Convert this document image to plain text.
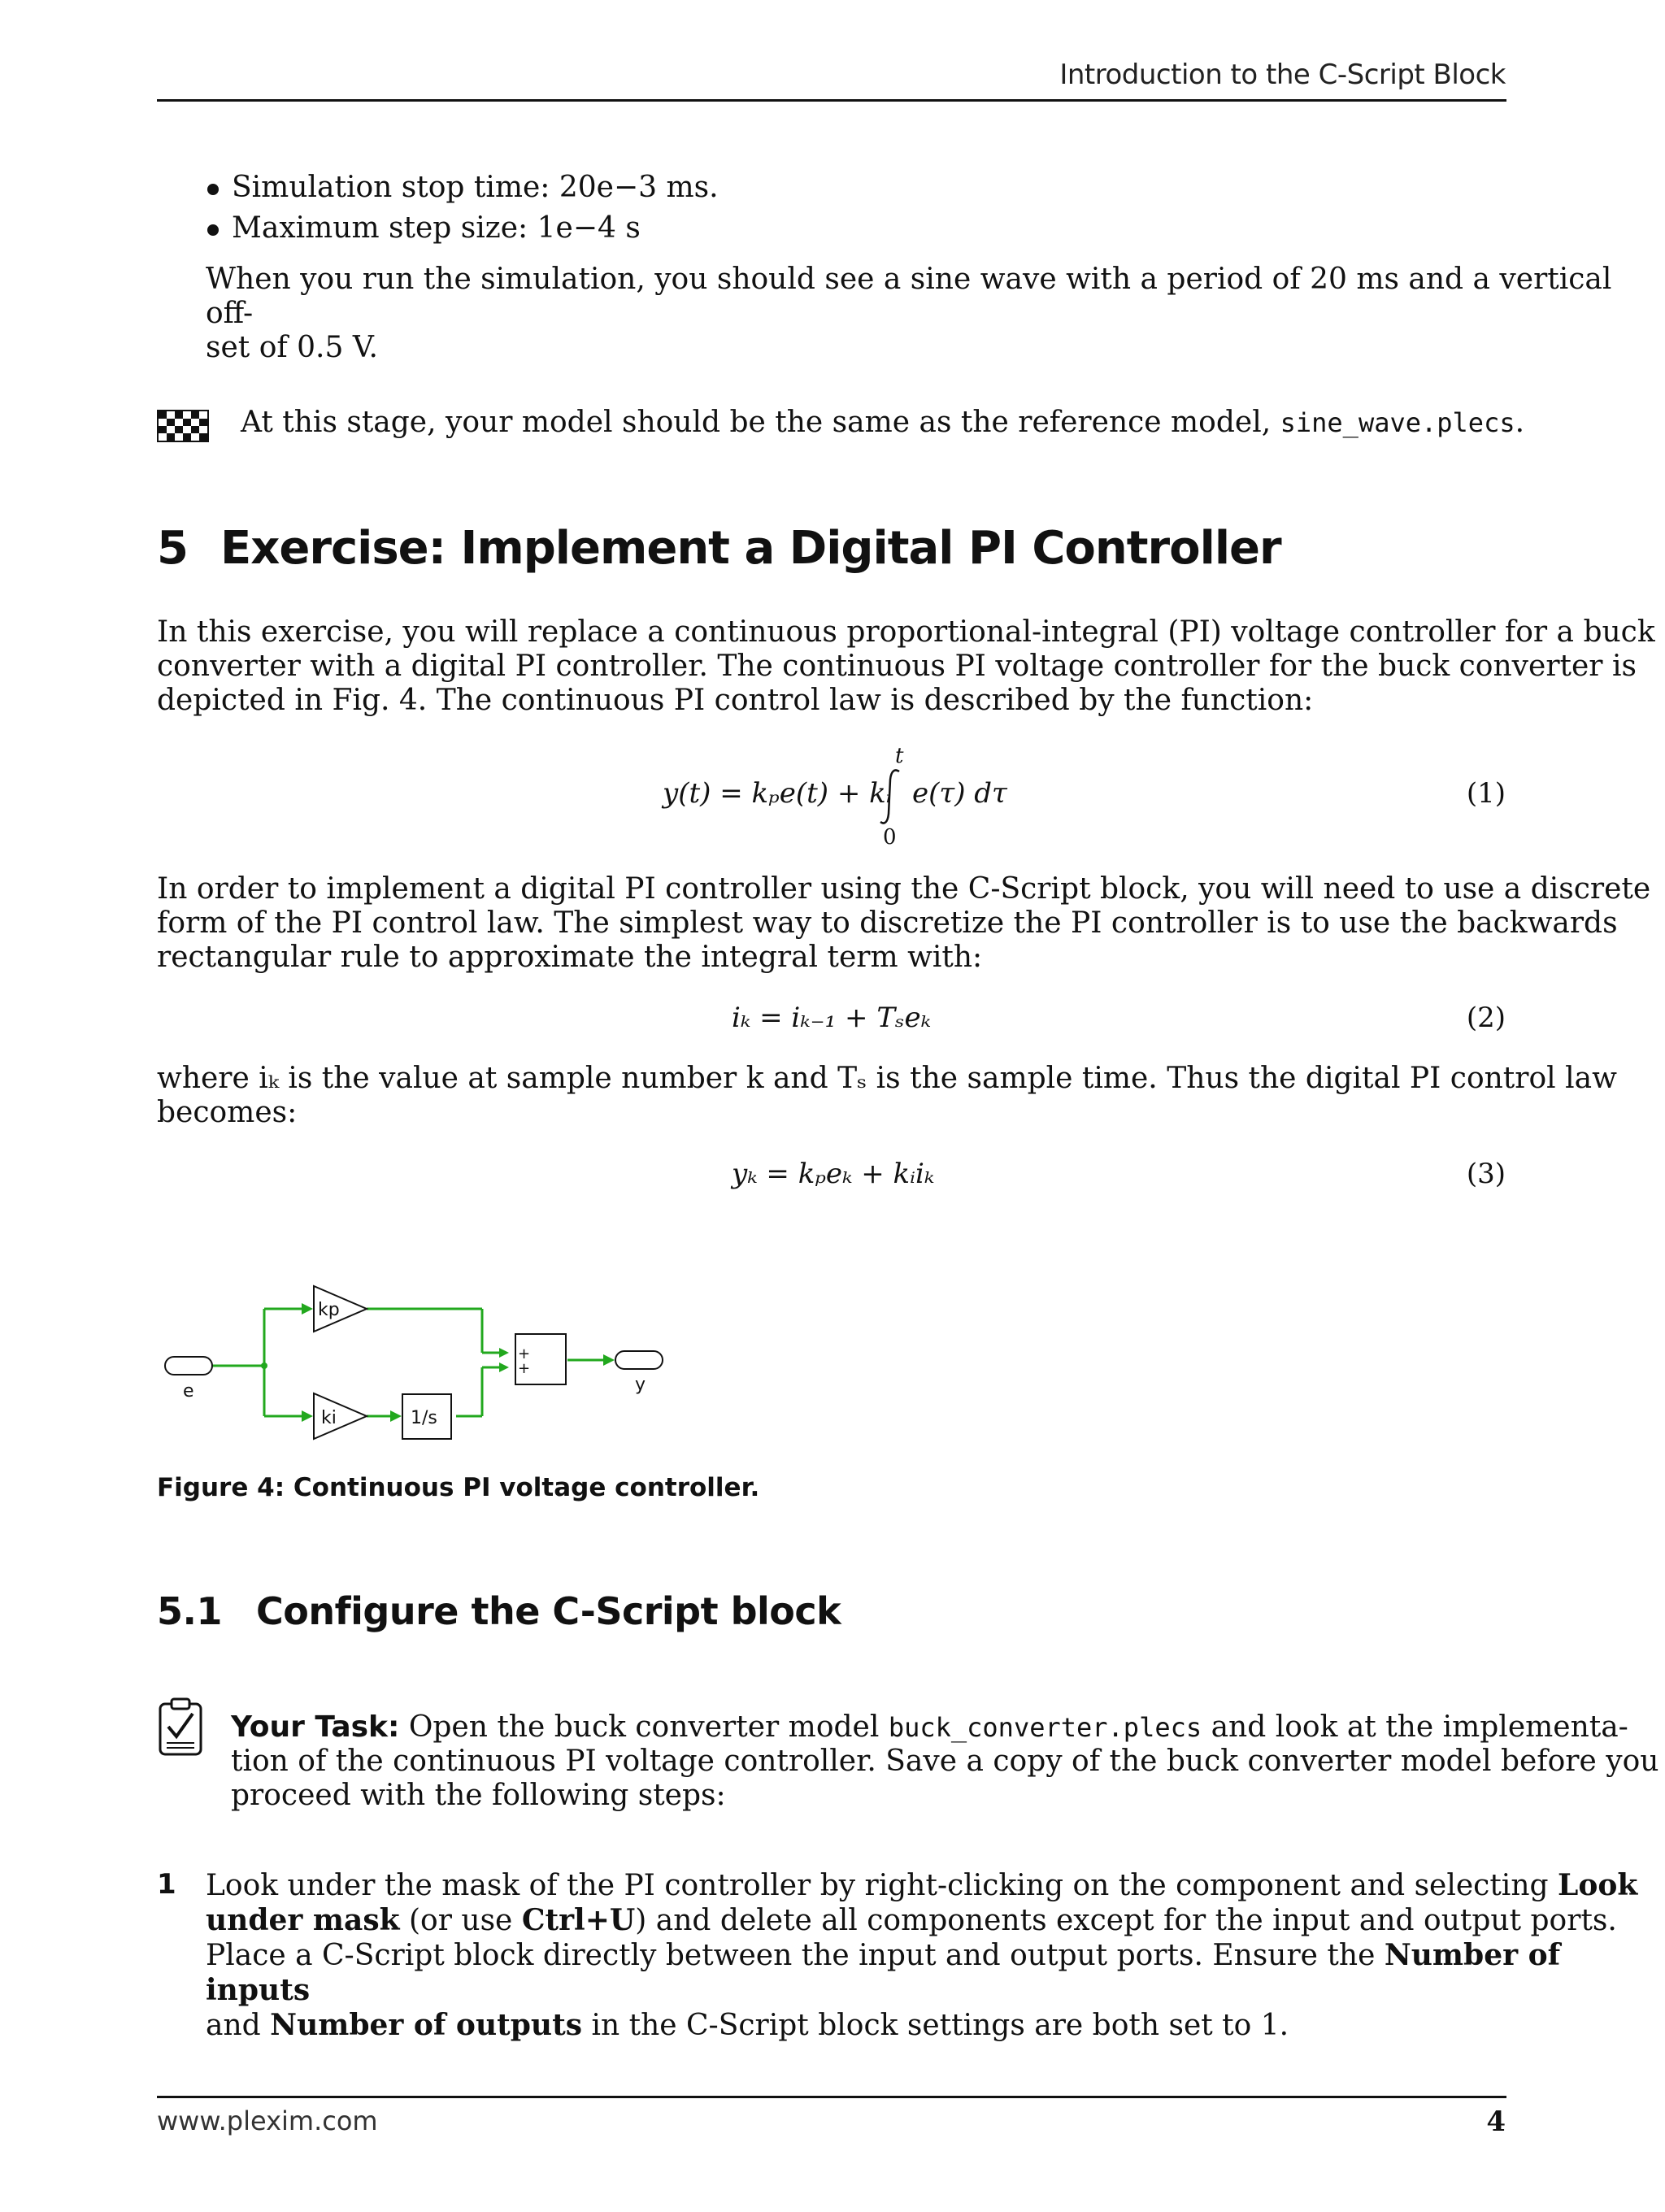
Introduction to the C-Script Block
Simulation stop time: 20e−3 ms.
Maximum step size: 1e−4 s
When you run the simulation, you should see a sine wave with a period of 20 ms and a vertical off-
set of 0.5 V.
At this stage, your model should be the same as the reference model, sine_wave.plecs.
5 Exercise: Implement a Digital PI Controller
In this exercise, you will replace a continuous proportional-integral (PI) voltage controller for a buck
converter with a digital PI controller. The continuous PI voltage controller for the buck converter is
depicted in Fig. 4. The continuous PI control law is described by the function:
y(t) = kₚe(t) + kᵢ
t
0
e(τ) dτ	(1)
In order to implement a digital PI controller using the C-Script block, you will need to use a discrete
form of the PI control law. The simplest way to discretize the PI controller is to use the backwards
rectangular rule to approximate the integral term with:
iₖ = iₖ₋₁ + Tₛeₖ	(2)
where iₖ is the value at sample number k and Tₛ is the sample time. Thus the digital PI control law
becomes:
yₖ = kₚeₖ + kᵢiₖ	(3)
e
kp
ki	1/s
+
+
y
Figure 4: Continuous PI voltage controller.
5.1 Configure the C-Script block
Your Task: Open the buck converter model buck_converter.plecs and look at the implementa-
tion of the continuous PI voltage controller. Save a copy of the buck converter model before you
proceed with the following steps:
1 Look under the mask of the PI controller by right-clicking on the component and selecting Look
under mask (or use Ctrl+U) and delete all components except for the input and output ports.
Place a C-Script block directly between the input and output ports. Ensure the Number of inputs
and Number of outputs in the C-Script block settings are both set to 1.
www.plexim.com	4
